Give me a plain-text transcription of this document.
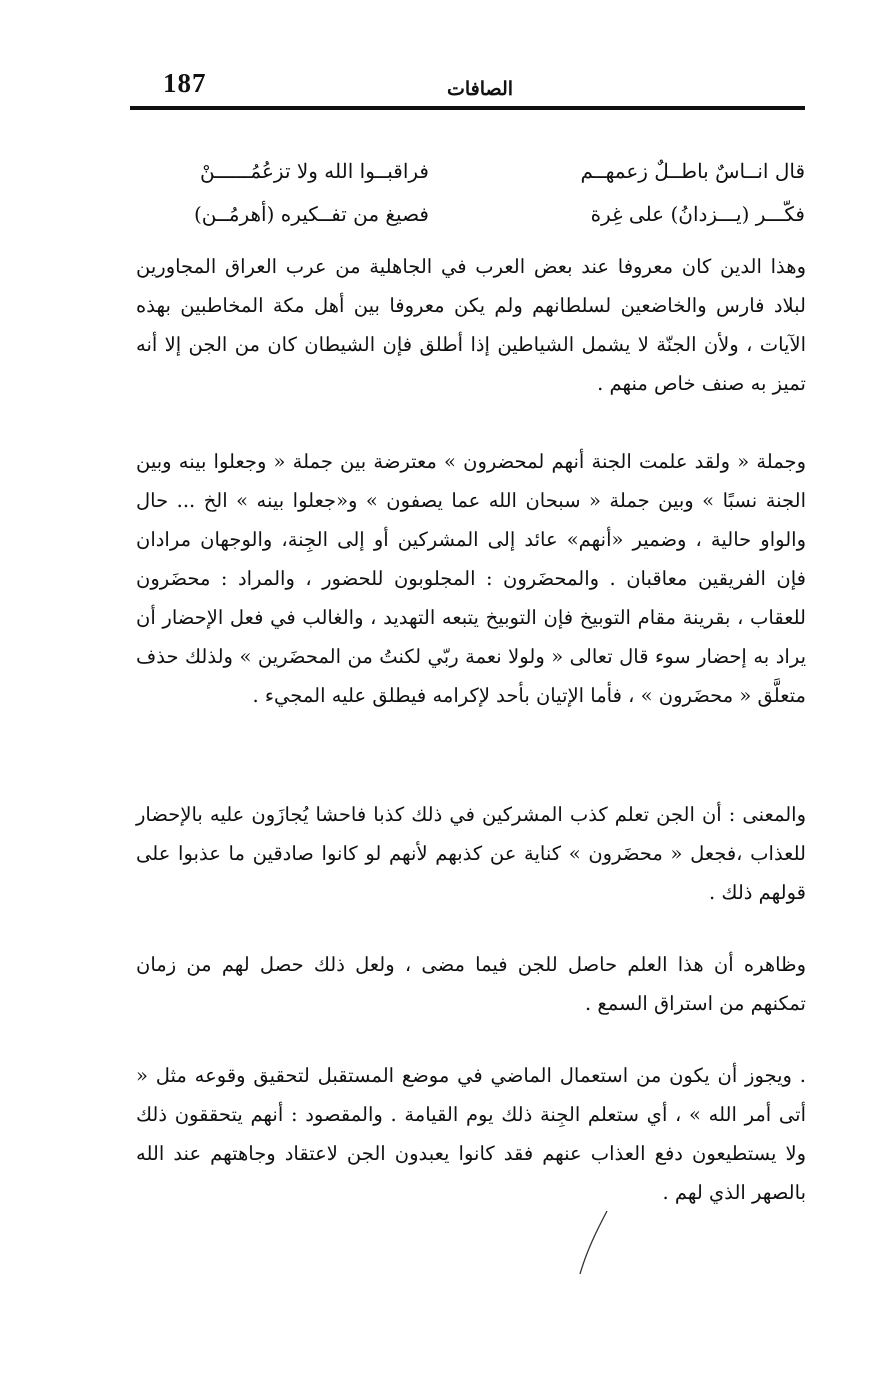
187	الصافات
قال انــاسٌ باطــلٌ زعمهــم
فراقبــوا الله ولا تزعُمُــــــنْ
فكّـــر (يـــزدانُ) على غِرة
فصيغ من تفــكيره (أهرمُــن)

وهذا الدين كان معروفا عند بعض العرب في الجاهلية من عرب العراق المجاورين لبلاد فارس والخاضعين لسلطانهم ولم يكن معروفا بين أهل مكة المخاطبين بهذه الآيات ، ولأن الجنّة لا يشمل الشياطين إذا أطلق فإن الشيطان كان من الجن إلا أنه تميز به صنف خاص منهم .

وجملة « ولقد علمت الجنة أنهم لمحضرون » معترضة بين جملة « وجعلوا بينه وبين الجنة نسبًا » وبين جملة « سبحان الله عما يصفون » و«جعلوا بينه » الخ ... حال والواو حالية ، وضمير «أنهم» عائد إلى المشركين أو إلى الجِنة، والوجهان مرادان فإن الفريقين معاقبان . والمحضَرون : المجلوبون للحضور ، والمراد : محضَرون للعقاب ، بقرينة مقام التوبيخ فإن التوبيخ يتبعه التهديد ، والغالب في فعل الإحضار أن يراد به إحضار سوء قال تعالى « ولولا نعمة ربّي لكنتُ من المحضَرين » ولذلك حذف متعلَّق « محضَرون » ، فأما الإتيان بأحد لإكرامه فيطلق عليه المجيء .

والمعنى : أن الجن تعلم كذب المشركين في ذلك كذبا فاحشا يُجازَون عليه بالإحضار للعذاب ،فجعل « محضَرون » كناية عن كذبهم لأنهم لو كانوا صادقين ما عذبوا على قولهم ذلك .

وظاهره أن هذا العلم حاصل للجن فيما مضى ، ولعل ذلك حصل لهم من زمان تمكنهم من استراق السمع .

. ويجوز أن يكون من استعمال الماضي في موضع المستقبل لتحقيق وقوعه مثل « أتى أمر الله » ، أي ستعلم الجِنة ذلك يوم القيامة . والمقصود : أنهم يتحققون ذلك ولا يستطيعون دفع العذاب عنهم فقد كانوا يعبدون الجن لاعتقاد وجاهتهم عند الله بالصهر الذي لهم .
